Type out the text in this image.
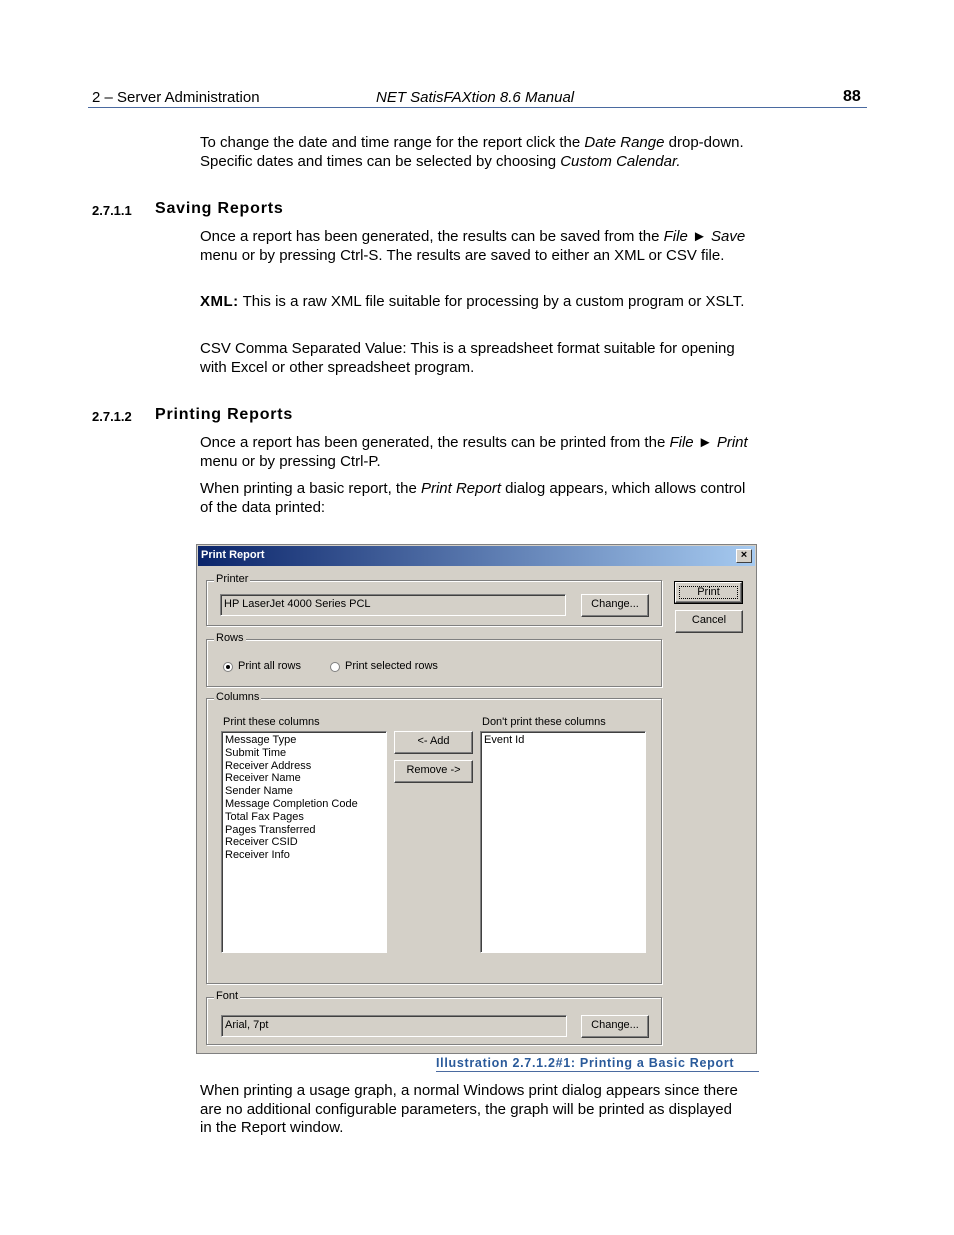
2 – Server Administration	NET SatisFAXtion 8.6 Manual	88
To change the date and time range for the report click the Date Range drop-down. Specific dates and times can be selected by choosing Custom Calendar.
2.7.1.1 Saving Reports
Once a report has been generated, the results can be saved from the File ► Save menu or by pressing Ctrl-S. The results are saved to either an XML or CSV file.
XML: This is a raw XML file suitable for processing by a custom program or XSLT.
CSV Comma Separated Value: This is a spreadsheet format suitable for opening with Excel or other spreadsheet program.
2.7.1.2 Printing Reports
Once a report has been generated, the results can be printed from the File ► Print menu or by pressing Ctrl-P.
When printing a basic report, the Print Report dialog appears, which allows control of the data printed:
Print Report	×
Printer
HP LaserJet 4000 Series PCL	Change...
Print
Cancel
Rows
Print all rows	Print selected rows
Columns
Print these columns
Message Type
Submit Time
Receiver Address
Receiver Name
Sender Name
Message Completion Code
Total Fax Pages
Pages Transferred
Receiver CSID
Receiver Info
<- Add
Remove ->
Don't print these columns
Event Id
Font
Arial, 7pt	Change...
Illustration 2.7.1.2#1: Printing a Basic Report
When printing a usage graph, a normal Windows print dialog appears since there are no additional configurable parameters, the graph will be printed as displayed in the Report window.
